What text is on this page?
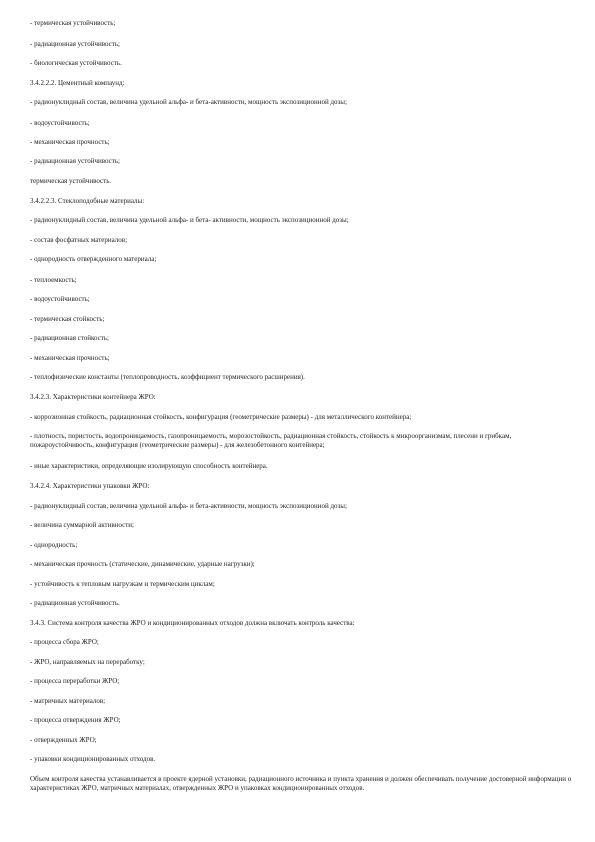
- термическая устойчивость;
- радиационная устойчивость;
- биологическая устойчивость.
3.4.2.2.2. Цементный компаунд:
- радионуклидный состав, величина удельной альфа- и бета-активности, мощность экспозиционной дозы;
- водоустойчивость;
- механическая прочность;
- радиационная устойчивость;
термическая устойчивость.
3.4.2.2.3. Стеклоподобные материалы:
- радионуклидный состав, величина удельной альфа- и бета- активности, мощность экспозиционной дозы;
- состав фосфатных материалов;
- однородность отвержденного материала;
- теплоемкость;
- водоустойчивость;
- термическая стойкость;
- радиационная стойкость;
- механическая прочность;
- теплофизические константы (теплопроводность, коэффициент термического расширения).
3.4.2.3. Характеристики контейнера ЖРО:
- коррозионная стойкость, радиационная стойкость, конфигурация (геометрические размеры) - для металлического контейнера;
- плотность, пористость, водопроницаемость, газопроницаемость, морозостойкость, радиационная стойкость, стойкость к микроорганизмам, плесени и грибкам, пожароустойчивость, конфигурация (геометрические размеры) - для железобетонного контейнера;
- иные характеристики, определяющие изолирующую способность контейнера.
3.4.2.4. Характеристики упаковки ЖРО:
- радионуклидный состав, величина удельной альфа- и бета-активности, мощность экспозиционной дозы;
- величина суммарной активности;
- однородность;
- механическая прочность (статические, динамические, ударные нагрузки);
- устойчивость к тепловым нагрузкам и термическим циклам;
- радиационная устойчивость.
3.4.3. Система контроля качества ЖРО и кондиционированных отходов должна включать контроль качества:
- процесса сбора ЖРО;
- ЖРО, направляемых на переработку;
- процесса переработки ЖРО;
- матричных материалов;
- процесса отверждения ЖРО;
- отвержденных ЖРО;
- упаковки кондиционированных отходов.
Объем контроля качества устанавливается в проекте ядерной установки, радиационного источника и пункта хранения и должен обеспечивать получение достоверной информации о характеристиках ЖРО, матричных материалах, отвержденных ЖРО и упаковках кондиционированных отходов.
